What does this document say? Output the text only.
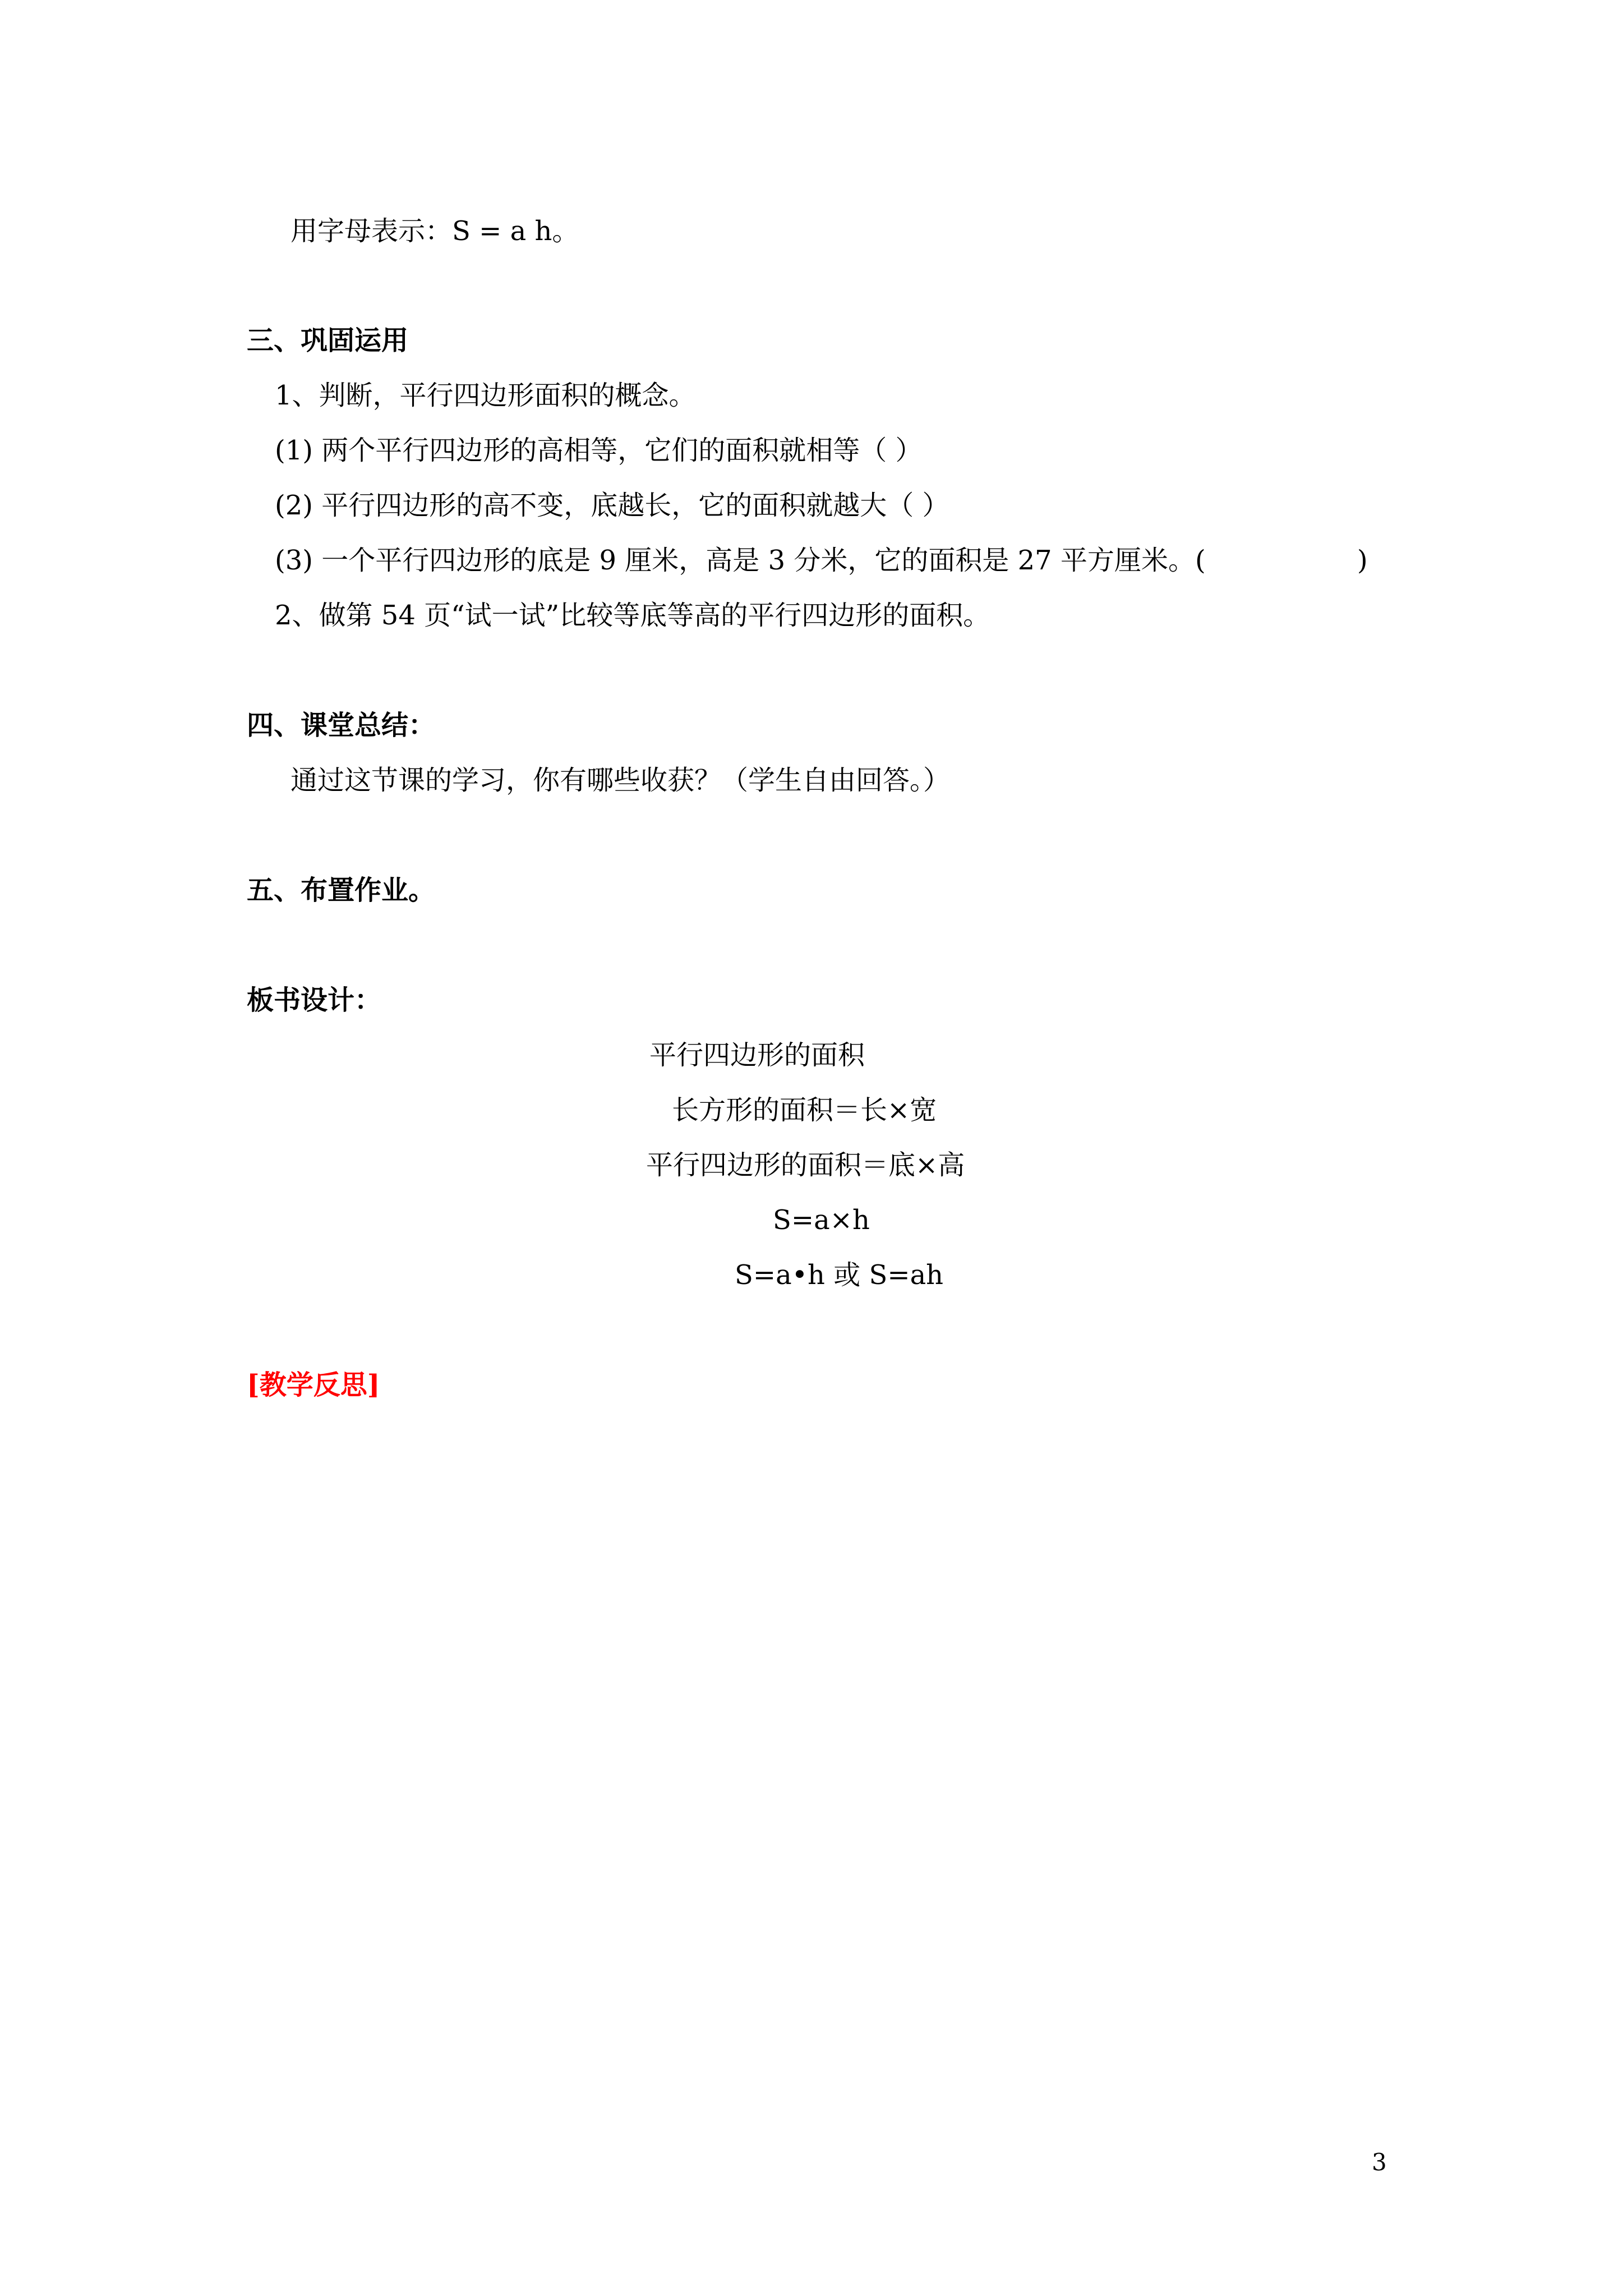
用字母表示：S = a h。

三、巩固运用

1、判断，平行四边形面积的概念。

(1) 两个平行四边形的高相等，它们的面积就相等（ ）

(2) 平行四边形的高不变，底越长，它的面积就越大（ ）

(3) 一个平行四边形的底是 9 厘米，高是 3 分米，它的面积是 27 平方厘米。(	)

2、做第 54 页“试一试”比较等底等高的平行四边形的面积。

四、课堂总结：

通过这节课的学习，你有哪些收获？（学生自由回答。）

五、布置作业。

板书设计：

平行四边形的面积

长方形的面积＝长×宽

平行四边形的面积＝底×高

S=a×h

S=a•h 或 S=ah

[教学反思]

3
